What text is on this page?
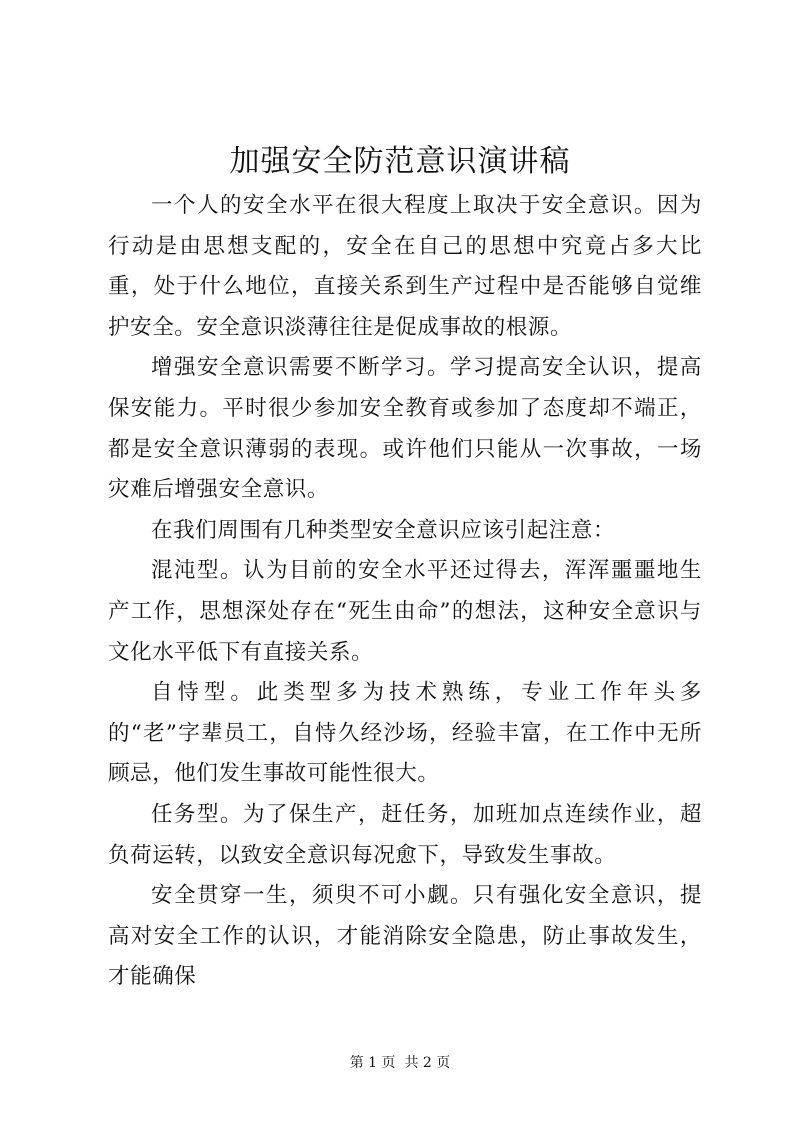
加强安全防范意识演讲稿

一个人的安全水平在很大程度上取决于安全意识。因为行动是由思想支配的，安全在自己的思想中究竟占多大比重，处于什么地位，直接关系到生产过程中是否能够自觉维护安全。安全意识淡薄往往是促成事故的根源。

增强安全意识需要不断学习。学习提高安全认识，提高保安能力。平时很少参加安全教育或参加了态度却不端正，都是安全意识薄弱的表现。或许他们只能从一次事故，一场灾难后增强安全意识。

在我们周围有几种类型安全意识应该引起注意：

混沌型。认为目前的安全水平还过得去，浑浑噩噩地生产工作，思想深处存在“死生由命”的想法，这种安全意识与文化水平低下有直接关系。

自恃型。此类型多为技术熟练，专业工作年头多的“老”字辈员工，自恃久经沙场，经验丰富，在工作中无所顾忌，他们发生事故可能性很大。

任务型。为了保生产，赶任务，加班加点连续作业，超负荷运转，以致安全意识每况愈下，导致发生事故。

安全贯穿一生，须臾不可小觑。只有强化安全意识，提高对安全工作的认识，才能消除安全隐患，防止事故发生，才能确保

第 1 页  共 2 页
